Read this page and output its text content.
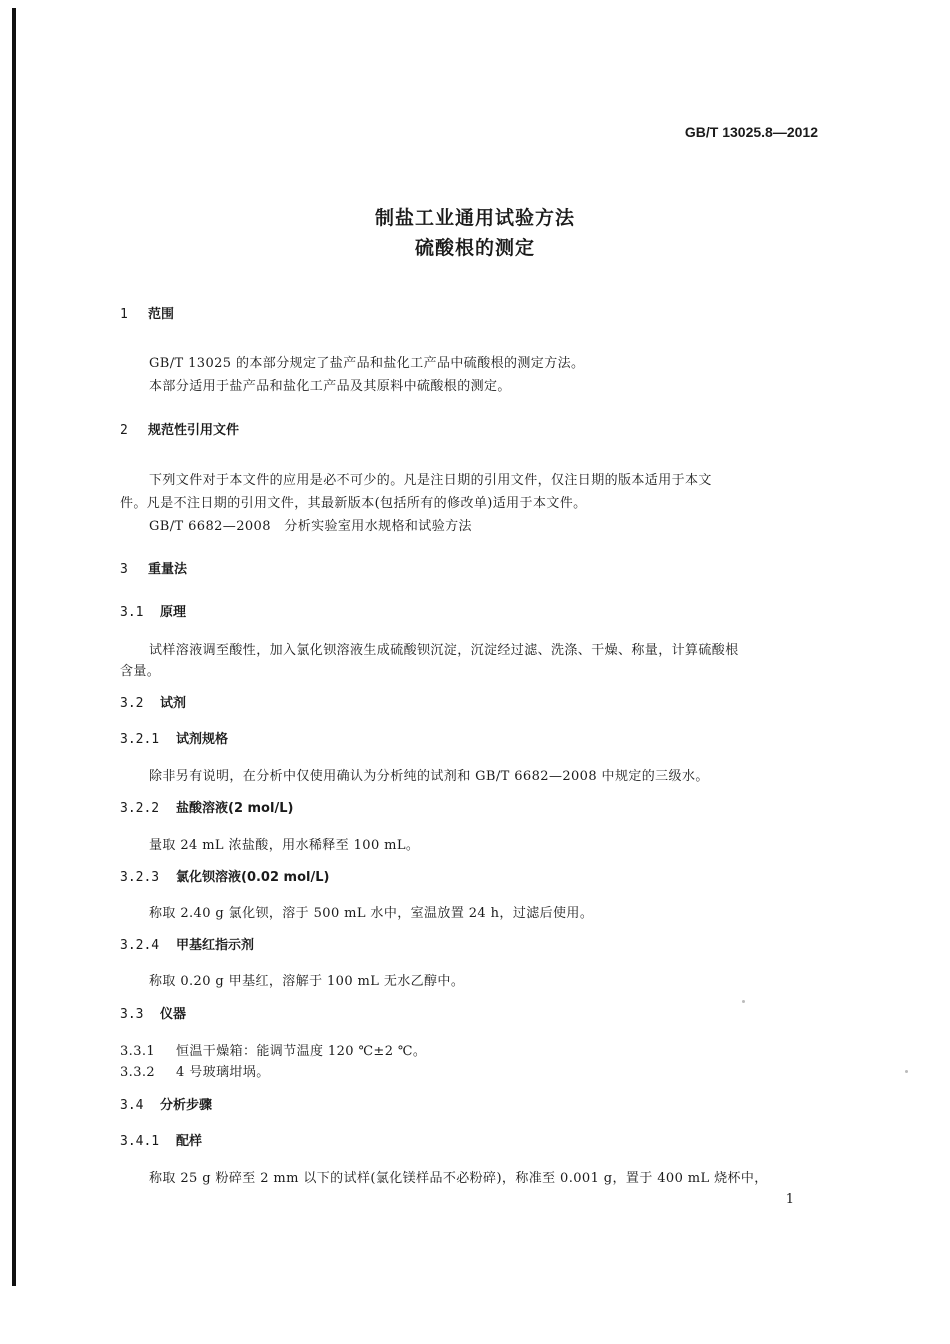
GB/T 13025.8—2012
制盐工业通用试验方法
硫酸根的测定
1 范围
GB/T 13025 的本部分规定了盐产品和盐化工产品中硫酸根的测定方法。
本部分适用于盐产品和盐化工产品及其原料中硫酸根的测定。
2 规范性引用文件
下列文件对于本文件的应用是必不可少的。凡是注日期的引用文件，仅注日期的版本适用于本文
件。凡是不注日期的引用文件，其最新版本(包括所有的修改单)适用于本文件。
GB/T 6682—2008　分析实验室用水规格和试验方法
3 重量法
3.1 原理
试样溶液调至酸性，加入氯化钡溶液生成硫酸钡沉淀，沉淀经过滤、洗涤、干燥、称量，计算硫酸根
含量。
3.2 试剂
3.2.1 试剂规格
除非另有说明，在分析中仅使用确认为分析纯的试剂和 GB/T 6682—2008 中规定的三级水。
3.2.2 盐酸溶液(2 mol/L)
量取 24 mL 浓盐酸，用水稀释至 100 mL。
3.2.3 氯化钡溶液(0.02 mol/L)
称取 2.40 g 氯化钡，溶于 500 mL 水中，室温放置 24 h，过滤后使用。
3.2.4 甲基红指示剂
称取 0.20 g 甲基红，溶解于 100 mL 无水乙醇中。
3.3 仪器
3.3.1 恒温干燥箱：能调节温度 120 ℃±2 ℃。
3.3.2 4 号玻璃坩埚。
3.4 分析步骤
3.4.1 配样
称取 25 g 粉碎至 2 mm 以下的试样(氯化镁样品不必粉碎)，称准至 0.001 g，置于 400 mL 烧杯中，
1
